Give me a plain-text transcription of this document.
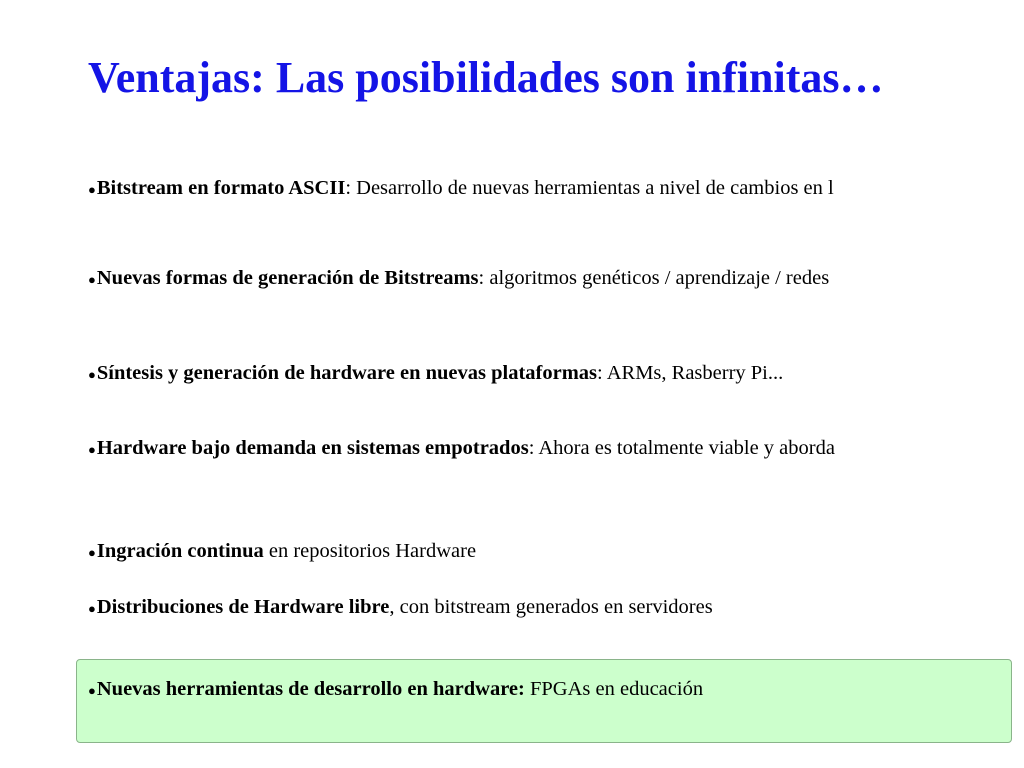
Ventajas: Las posibilidades son infinitas…
●Bitstream en formato ASCII: Desarrollo de nuevas herramientas a nivel de cambios en l
●Nuevas formas de generación de Bitstreams: algoritmos genéticos / aprendizaje / redes
●Síntesis y generación de hardware en nuevas plataformas: ARMs, Rasberry Pi...
●Hardware bajo demanda en sistemas empotrados: Ahora es totalmente viable y aborda
●Ingración continua en repositorios Hardware
●Distribuciones de Hardware libre, con bitstream generados en servidores
●Nuevas herramientas de desarrollo en hardware: FPGAs en educación
